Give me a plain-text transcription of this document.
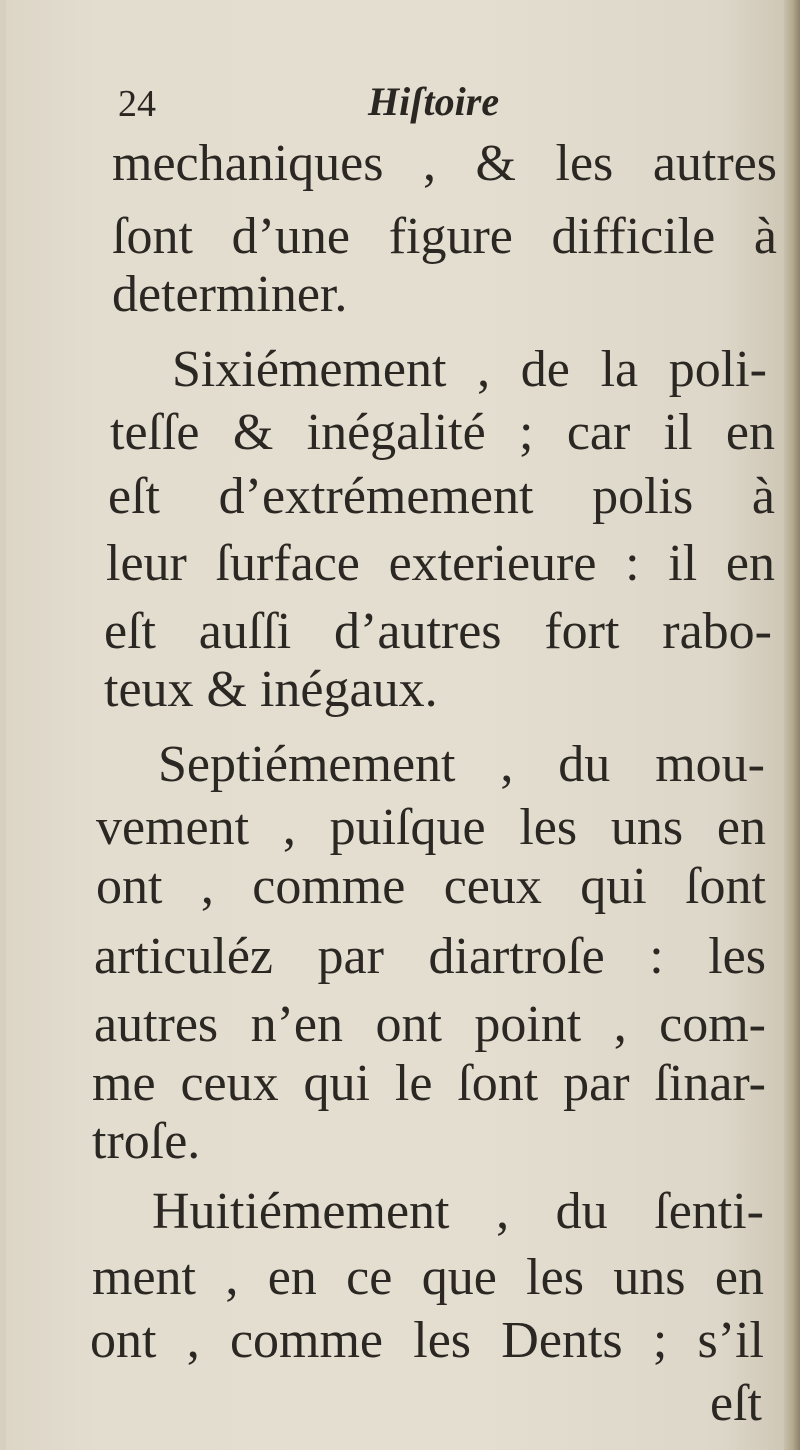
24	Hiſtoire
mechaniques , & les autres
ſont d’une figure difficile à
determiner.
Sixiémement , de la poli-
teſſe & inégalité ; car il en
eſt d’extrémement polis à
leur ſurface exterieure : il en
eſt auſſi d’autres fort rabo-
teux & inégaux.
Septiémement , du mou-
vement , puiſque les uns en
ont , comme ceux qui ſont
articuléz par diartroſe : les
autres n’en ont point , com-
me ceux qui le ſont par ſinar-
troſe.
Huitiémement , du ſenti-
ment , en ce que les uns en
ont , comme les Dents ; s’il
eſt
